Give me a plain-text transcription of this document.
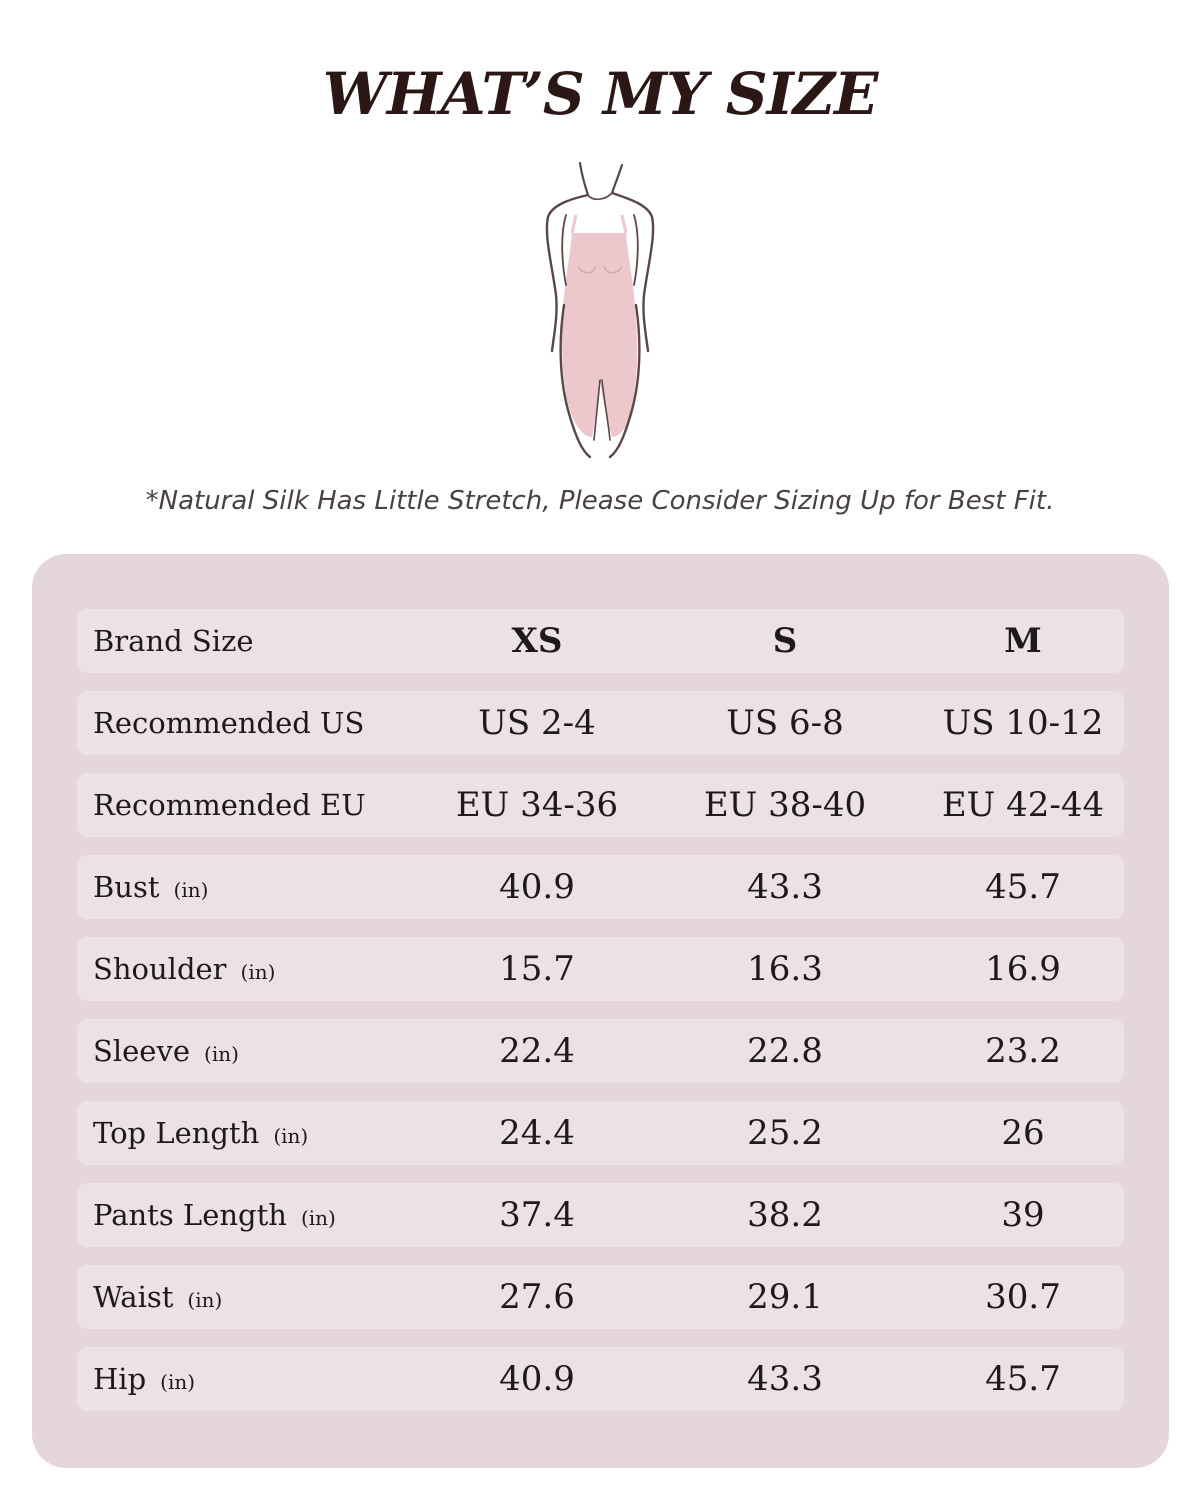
WHAT’S MY SIZE

*Natural Silk Has Little Stretch, Please Consider Sizing Up for Best Fit.

Brand Size	XS	S	M
Recommended US	US 2-4	US 6-8	US 10-12
Recommended EU	EU 34-36	EU 38-40	EU 42-44
Bust (in)	40.9	43.3	45.7
Shoulder (in)	15.7	16.3	16.9
Sleeve (in)	22.4	22.8	23.2
Top Length (in)	24.4	25.2	26
Pants Length (in)	37.4	38.2	39
Waist (in)	27.6	29.1	30.7
Hip (in)	40.9	43.3	45.7
